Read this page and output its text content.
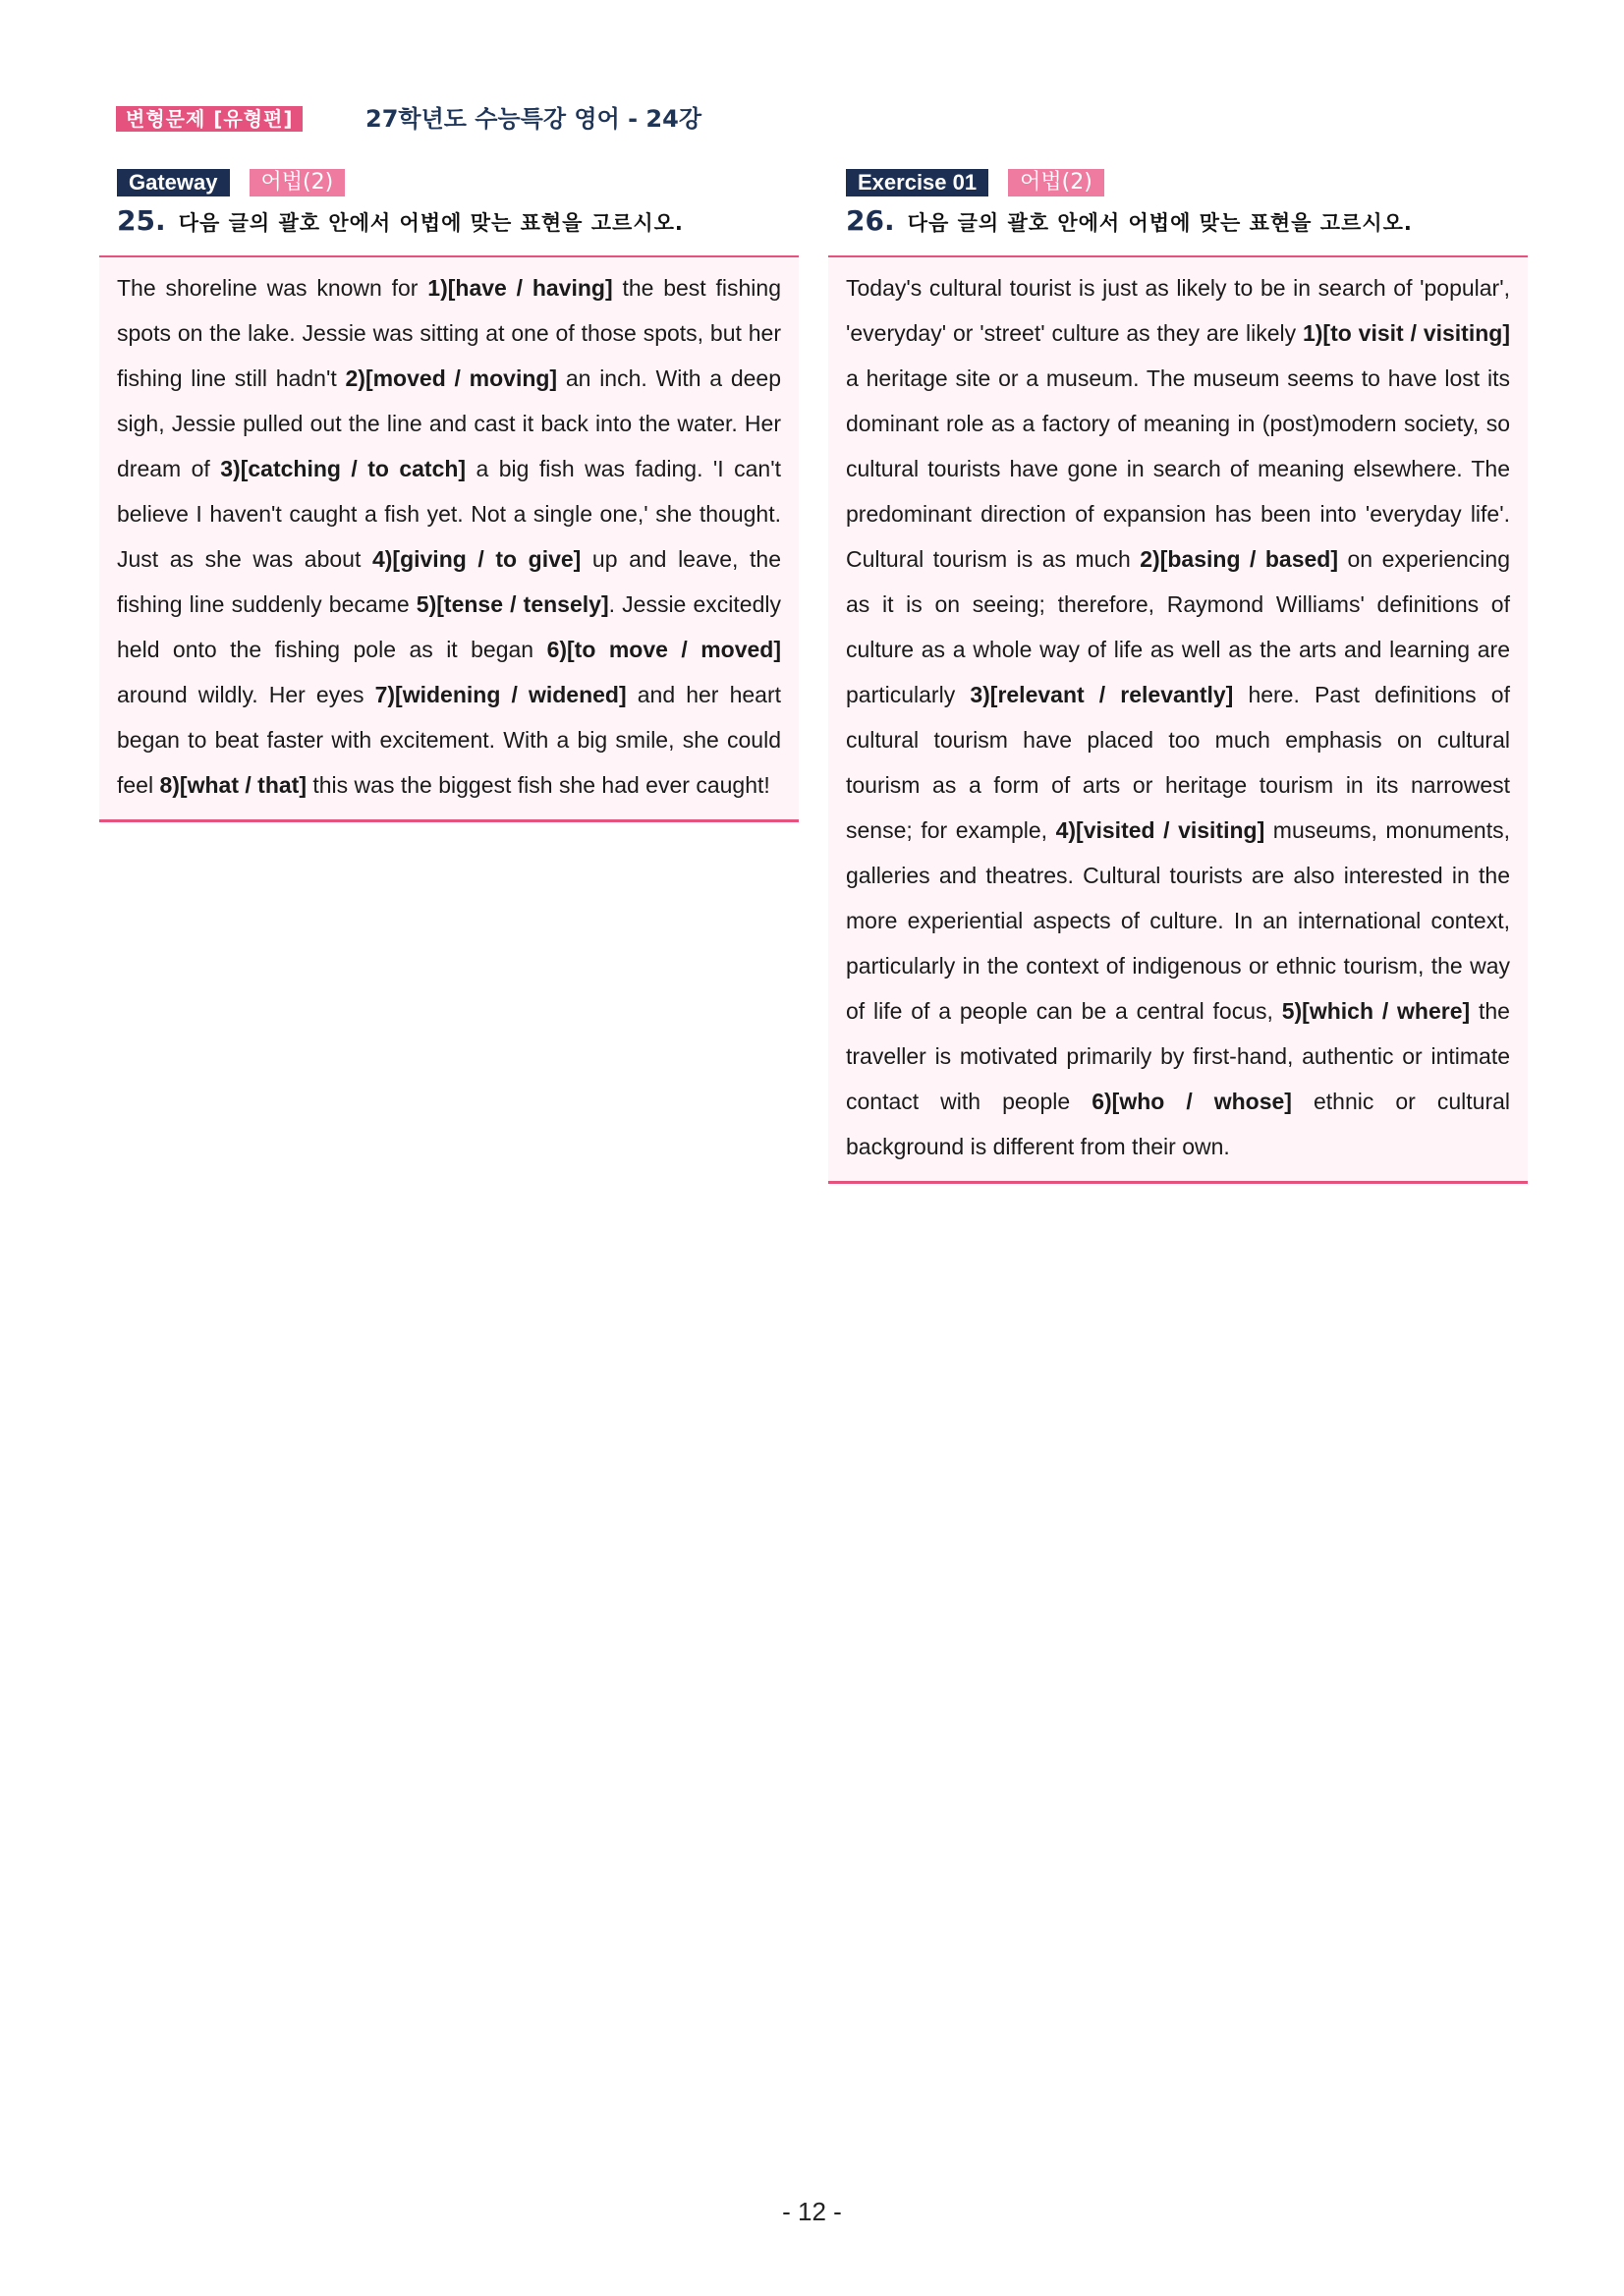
변형문제 [유형편]	27학년도 수능특강 영어 - 24강
Gateway 어법(2)
25. 다음 글의 괄호 안에서 어법에 맞는 표현을 고르시오.

The shoreline was known for 1)[have / having] the best fishing spots on the lake. Jessie was sitting at one of those spots, but her fishing line still hadn't 2)[moved / moving] an inch. With a deep sigh, Jessie pulled out the line and cast it back into the water. Her dream of 3)[catching / to catch] a big fish was fading. 'I can't believe I haven't caught a fish yet. Not a single one,' she thought. Just as she was about 4)[giving / to give] up and leave, the fishing line suddenly became 5)[tense / tensely]. Jessie excitedly held onto the fishing pole as it began 6)[to move / moved] around wildly. Her eyes 7)[widening / widened] and her heart began to beat faster with excitement. With a big smile, she could feel 8)[what / that] this was the biggest fish she had ever caught!

Exercise 01 어법(2)
26. 다음 글의 괄호 안에서 어법에 맞는 표현을 고르시오.

Today's cultural tourist is just as likely to be in search of 'popular', 'everyday' or 'street' culture as they are likely 1)[to visit / visiting] a heritage site or a museum. The museum seems to have lost its dominant role as a factory of meaning in (post)modern society, so cultural tourists have gone in search of meaning elsewhere. The predominant direction of expansion has been into 'everyday life'. Cultural tourism is as much 2)[basing / based] on experiencing as it is on seeing; therefore, Raymond Williams' definitions of culture as a whole way of life as well as the arts and learning are particularly 3)[relevant / relevantly] here. Past definitions of cultural tourism have placed too much emphasis on cultural tourism as a form of arts or heritage tourism in its narrowest sense; for example, 4)[visited / visiting] museums, monuments, galleries and theatres. Cultural tourists are also interested in the more experiential aspects of culture. In an international context, particularly in the context of indigenous or ethnic tourism, the way of life of a people can be a central focus, 5)[which / where] the traveller is motivated primarily by first-hand, authentic or intimate contact with people 6)[who / whose] ethnic or cultural background is different from their own.

- 12 -
